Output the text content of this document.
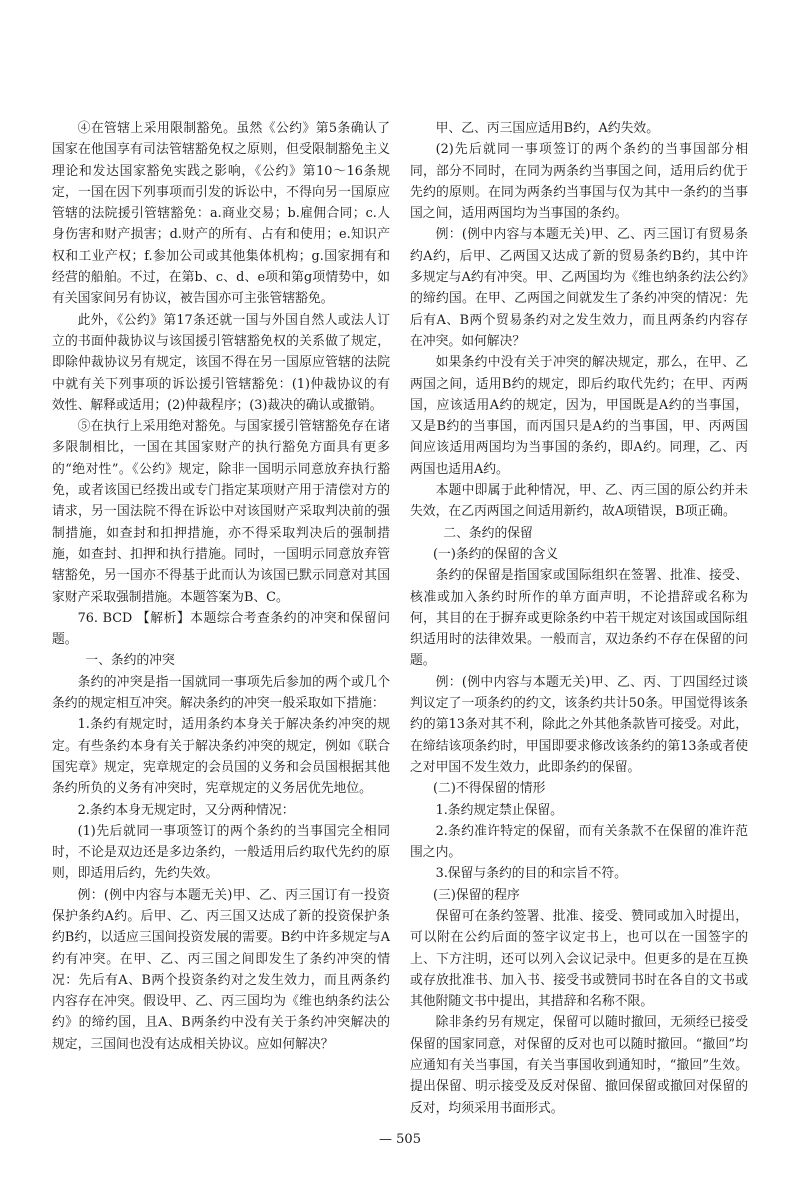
④在管辖上采用限制豁免。虽然《公约》第5条确认了国家在他国享有司法管辖豁免权之原则，但受限制豁免主义理论和发达国家豁免实践之影响，《公约》第10～16条规定，一国在因下列事项而引发的诉讼中，不得向另一国原应管辖的法院援引管辖豁免：a.商业交易；b.雇佣合同；c.人身伤害和财产损害；d.财产的所有、占有和使用；e.知识产权和工业产权；f.参加公司或其他集体机构；g.国家拥有和经营的船舶。不过，在第b、c、d、e项和第g项情势中，如有关国家间另有协议，被告国亦可主张管辖豁免。

此外，《公约》第17条还就一国与外国自然人或法人订立的书面仲裁协议与该国援引管辖豁免权的关系做了规定，即除仲裁协议另有规定，该国不得在另一国原应管辖的法院中就有关下列事项的诉讼援引管辖豁免：(1)仲裁协议的有效性、解释或适用；(2)仲裁程序；(3)裁决的确认或撤销。

⑤在执行上采用绝对豁免。与国家援引管辖豁免存在诸多限制相比，一国在其国家财产的执行豁免方面具有更多的“绝对性”。《公约》规定，除非一国明示同意放弃执行豁免，或者该国已经拨出或专门指定某项财产用于清偿对方的请求，另一国法院不得在诉讼中对该国财产采取判决前的强制措施，如查封和扣押措施，亦不得采取判决后的强制措施，如查封、扣押和执行措施。同时，一国明示同意放弃管辖豁免，另一国亦不得基于此而认为该国已默示同意对其国家财产采取强制措施。本题答案为B、C。

76. BCD 【解析】本题综合考查条约的冲突和保留问题。

一、条约的冲突

条约的冲突是指一国就同一事项先后参加的两个或几个条约的规定相互冲突。解决条约的冲突一般采取如下措施：

1.条约有规定时，适用条约本身关于解决条约冲突的规定。有些条约本身有关于解决条约冲突的规定，例如《联合国宪章》规定，宪章规定的会员国的义务和会员国根据其他条约所负的义务有冲突时，宪章规定的义务居优先地位。

2.条约本身无规定时，又分两种情况：

(1)先后就同一事项签订的两个条约的当事国完全相同时，不论是双边还是多边条约，一般适用后约取代先约的原则，即适用后约，先约失效。

例：(例中内容与本题无关)甲、乙、丙三国订有一投资保护条约A约。后甲、乙、丙三国又达成了新的投资保护条约B约，以适应三国间投资发展的需要。B约中许多规定与A约有冲突。在甲、乙、丙三国之间即发生了条约冲突的情况：先后有A、B两个投资条约对之发生效力，而且两条约内容存在冲突。假设甲、乙、丙三国均为《维也纳条约法公约》的缔约国，且A、B两条约中没有关于条约冲突解决的规定，三国间也没有达成相关协议。应如何解决？

甲、乙、丙三国应适用B约，A约失效。

(2)先后就同一事项签订的两个条约的当事国部分相同，部分不同时，在同为两条约当事国之间，适用后约优于先约的原则。在同为两条约当事国与仅为其中一条约的当事国之间，适用两国均为当事国的条约。

例：(例中内容与本题无关)甲、乙、丙三国订有贸易条约A约，后甲、乙两国又达成了新的贸易条约B约，其中许多规定与A约有冲突。甲、乙两国均为《维也纳条约法公约》的缔约国。在甲、乙两国之间就发生了条约冲突的情况：先后有A、B两个贸易条约对之发生效力，而且两条约内容存在冲突。如何解决？

如果条约中没有关于冲突的解决规定，那么，在甲、乙两国之间，适用B约的规定，即后约取代先约；在甲、丙两国，应该适用A约的规定，因为，甲国既是A约的当事国，又是B约的当事国，而丙国只是A约的当事国，甲、丙两国间应该适用两国均为当事国的条约，即A约。同理，乙、丙两国也适用A约。

本题中即属于此种情况，甲、乙、丙三国的原公约并未失效，在乙丙两国之间适用新约，故A项错误，B项正确。

二、条约的保留

(一)条约的保留的含义

条约的保留是指国家或国际组织在签署、批准、接受、核准或加入条约时所作的单方面声明，不论措辞或名称为何，其目的在于摒弃或更除条约中若干规定对该国或国际组织适用时的法律效果。一般而言，双边条约不存在保留的问题。

例：(例中内容与本题无关)甲、乙、丙、丁四国经过谈判议定了一项条约的约文，该条约共计50条。甲国觉得该条约的第13条对其不利，除此之外其他条款皆可接受。对此，在缔结该项条约时，甲国即要求修改该条约的第13条或者使之对甲国不发生效力，此即条约的保留。

(二)不得保留的情形

1.条约规定禁止保留。

2.条约准许特定的保留，而有关条款不在保留的准许范围之内。

3.保留与条约的目的和宗旨不符。

(三)保留的程序

保留可在条约签署、批准、接受、赞同或加入时提出，可以附在公约后面的签字议定书上，也可以在一国签字的上、下方注明，还可以列入会议记录中。但更多的是在互换或存放批准书、加入书、接受书或赞同书时在各自的文书或其他附随文书中提出，其措辞和名称不限。

除非条约另有规定，保留可以随时撤回，无须经已接受保留的国家同意，对保留的反对也可以随时撤回。“撤回”均应通知有关当事国，有关当事国收到通知时，“撤回”生效。提出保留、明示接受及反对保留、撤回保留或撤回对保留的反对，均须采用书面形式。

— 505
